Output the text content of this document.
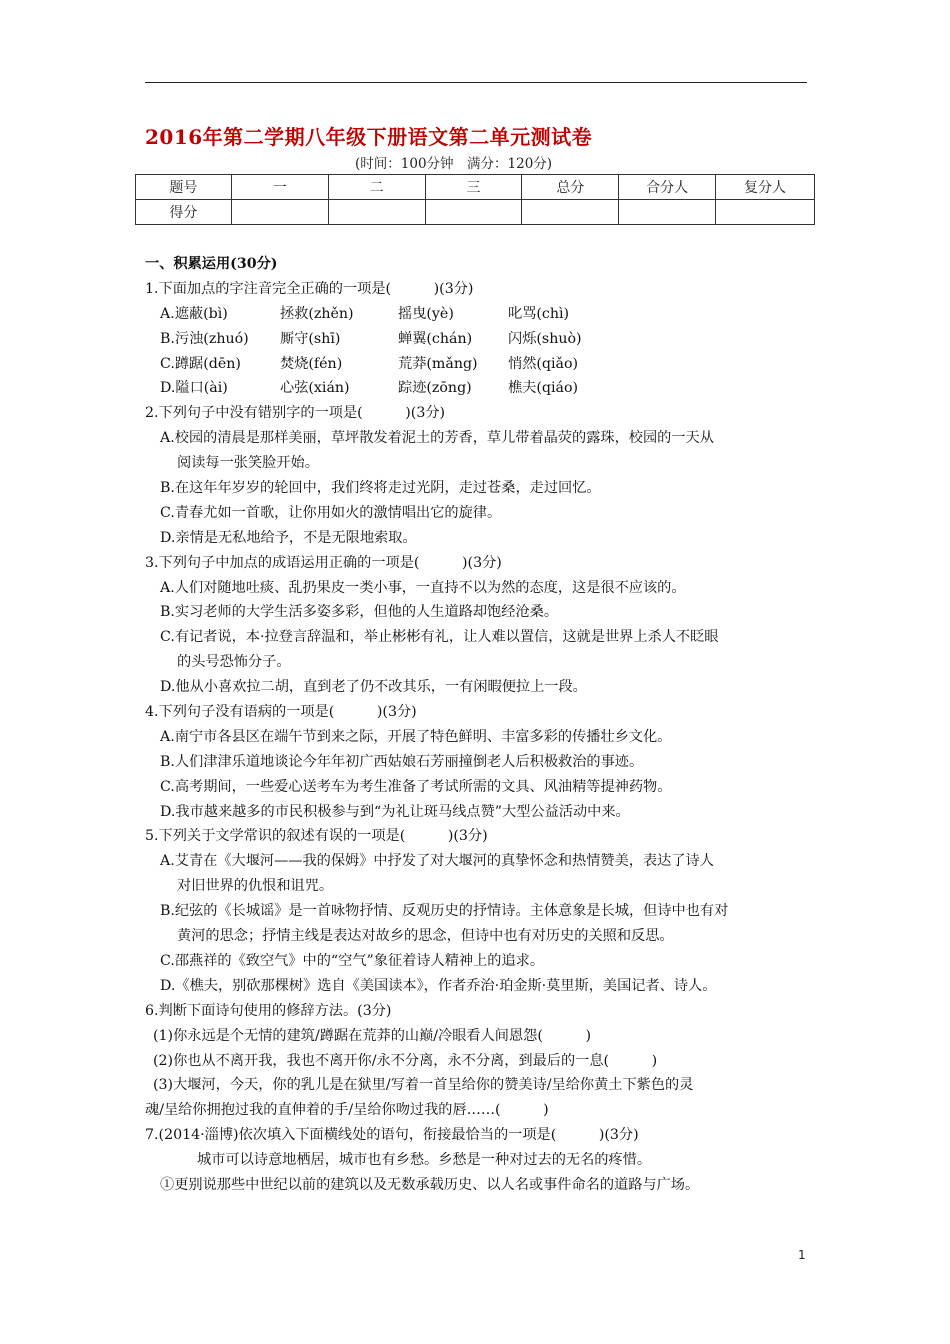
2016年第二学期八年级下册语文第二单元测试卷
(时间：100分钟　满分：120分)
题号	一	二	三	总分	合分人	复分人
得分						
一、积累运用(30分)
1.下面加点的字注音完全正确的一项是(　　　)(3分)
A.遮蔽(bì)	拯救(zhěn)	摇曳(yè)	叱骂(chì)
B.污浊(zhuó)	厮守(shī)	蝉翼(chán)	闪烁(shuò)
C.蹲踞(dēn)	焚烧(fén)	荒莽(mǎng)	悄然(qiǎo)
D.隘口(ài)	心弦(xián)	踪迹(zōng)	樵夫(qiáo)
2.下列句子中没有错别字的一项是(　　　)(3分)
A.校园的清晨是那样美丽，草坪散发着泥土的芳香，草儿带着晶荧的露珠，校园的一天从
阅读每一张笑脸开始。
B.在这年年岁岁的轮回中，我们终将走过光阴，走过苍桑，走过回忆。
C.青春尤如一首歌，让你用如火的激情唱出它的旋律。
D.亲情是无私地给予，不是无限地索取。
3.下列句子中加点的成语运用正确的一项是(　　　)(3分)
A.人们对随地吐痰、乱扔果皮一类小事，一直持不以为然的态度，这是很不应该的。
B.实习老师的大学生活多姿多彩，但他的人生道路却饱经沧桑。
C.有记者说，本·拉登言辞温和，举止彬彬有礼，让人难以置信，这就是世界上杀人不眨眼
的头号恐怖分子。
D.他从小喜欢拉二胡，直到老了仍不改其乐，一有闲暇便拉上一段。
4.下列句子没有语病的一项是(　　　)(3分)
A.南宁市各县区在端午节到来之际，开展了特色鲜明、丰富多彩的传播壮乡文化。
B.人们津津乐道地谈论今年年初广西姑娘石芳丽撞倒老人后积极救治的事迹。
C.高考期间，一些爱心送考车为考生准备了考试所需的文具、风油精等提神药物。
D.我市越来越多的市民积极参与到“为礼让斑马线点赞”大型公益活动中来。
5.下列关于文学常识的叙述有误的一项是(　　　)(3分)
A.艾青在《大堰河——我的保姆》中抒发了对大堰河的真挚怀念和热情赞美，表达了诗人
对旧世界的仇恨和诅咒。
B.纪弦的《长城谣》是一首咏物抒情、反观历史的抒情诗。主体意象是长城，但诗中也有对
黄河的思念；抒情主线是表达对故乡的思念，但诗中也有对历史的关照和反思。
C.邵燕祥的《致空气》中的“空气”象征着诗人精神上的追求。
D.《樵夫，别砍那棵树》选自《美国读本》，作者乔治·珀金斯·莫里斯，美国记者、诗人。
6.判断下面诗句使用的修辞方法。(3分)
(1)你永远是个无情的建筑/蹲踞在荒莽的山巅/冷眼看人间恩怨(　　　)
(2)你也从不离开我，我也不离开你/永不分离，永不分离，到最后的一息(　　　)
(3)大堰河，今天，你的乳儿是在狱里/写着一首呈给你的赞美诗/呈给你黄土下紫色的灵
魂/呈给你拥抱过我的直伸着的手/呈给你吻过我的唇……(　　　)
7.(2014·淄博)依次填入下面横线处的语句，衔接最恰当的一项是(　　　)(3分)
城市可以诗意地栖居，城市也有乡愁。乡愁是一种对过去的无名的疼惜。
①更别说那些中世纪以前的建筑以及无数承载历史、以人名或事件命名的道路与广场。
1
